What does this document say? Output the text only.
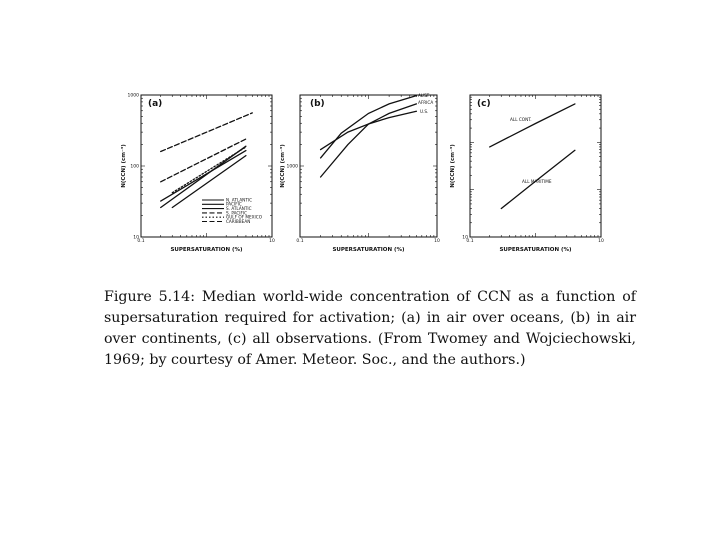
0.1	10
1000
100
10
SUPERSATURATION (%)
N(CCN) (cm⁻³)
(a)
N. ATLANTIC
PACIFIC
S. ATLANTIC
S. PACIFIC
GULF OF MEXICO
CARIBBEAN
0.1	10
1000
SUPERSATURATION (%)
N(CCN) (cm⁻³)
(b)
AUST
AFRICA
U.S.
0.1	10
10
SUPERSATURATION (%)
N(CCN) (cm⁻³)
(c)
ALL CONT.
ALL MARITIME
Figure 5.14: Median world-wide concentration of CCN as a function of supersaturation required for activation; (a) in air over oceans, (b) in air over continents, (c) all observations. (From Twomey and Wojciechowski, 1969; by courtesy of Amer. Meteor. Soc., and the authors.)
